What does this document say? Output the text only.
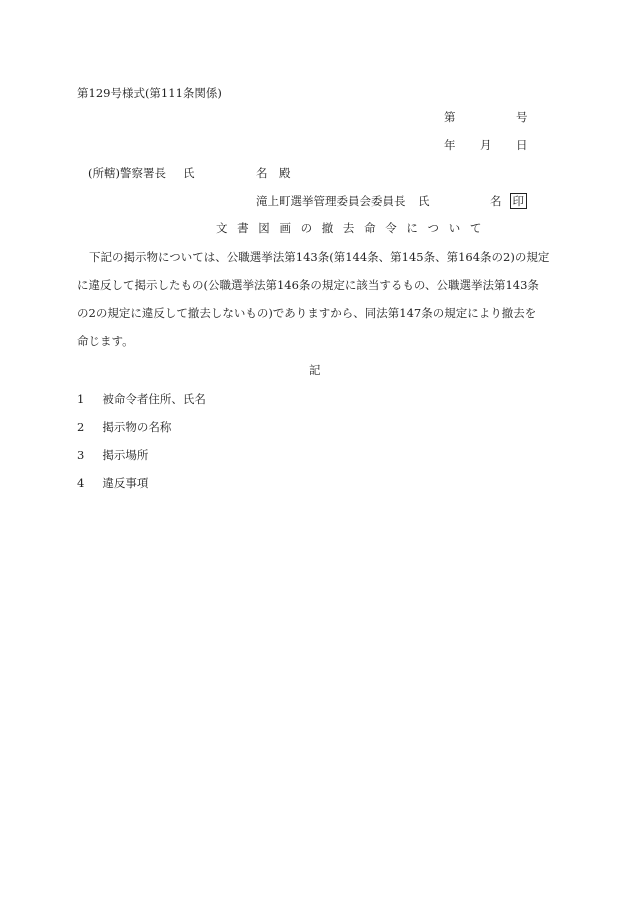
第129号様式(第111条関係)
第	号
年 月 日
(所轄)警察署長 氏	名 殿
滝上町選挙管理委員会委員長 氏	名 印
文 書 図 画 の 撤 去 命 令 に つ い て
下記の掲示物については、公職選挙法第143条(第144条、第145条、第164条の2)の規定
に違反して掲示したもの(公職選挙法第146条の規定に該当するもの、公職選挙法第143条
の2の規定に違反して撤去しないもの)でありますから、同法第147条の規定により撤去を
命じます。
記
1 被命令者住所、氏名
2 掲示物の名称
3 掲示場所
4 違反事項
